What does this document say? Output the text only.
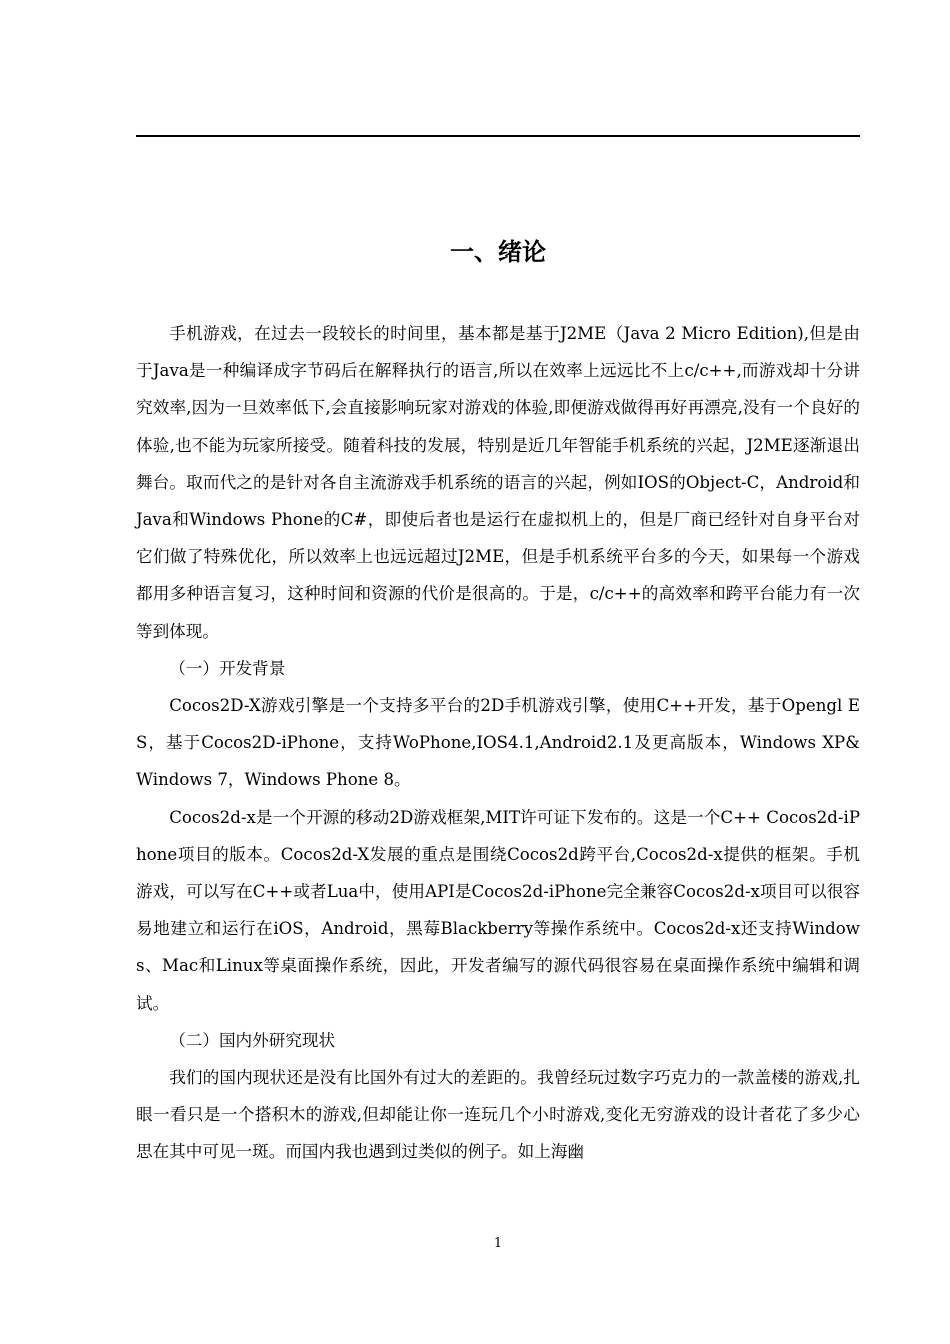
一、绪论

手机游戏，在过去一段较长的时间里，基本都是基于J2ME（Java 2 Micro Edition),但是由于Java是一种编译成字节码后在解释执行的语言,所以在效率上远远比不上c/c++,而游戏却十分讲究效率,因为一旦效率低下,会直接影响玩家对游戏的体验,即便游戏做得再好再漂亮,没有一个良好的体验,也不能为玩家所接受。随着科技的发展，特别是近几年智能手机系统的兴起，J2ME逐渐退出舞台。取而代之的是针对各自主流游戏手机系统的语言的兴起，例如IOS的Object-C，Android和Java和Windows Phone的C#，即使后者也是运行在虚拟机上的，但是厂商已经针对自身平台对它们做了特殊优化，所以效率上也远远超过J2ME，但是手机系统平台多的今天，如果每一个游戏都用多种语言复习，这种时间和资源的代价是很高的。于是，c/c++的高效率和跨平台能力有一次等到体现。

（一）开发背景

Cocos2D-X游戏引擎是一个支持多平台的2D手机游戏引擎，使用C++开发，基于Opengl ES，基于Cocos2D-iPhone，支持WoPhone,IOS4.1,Android2.1及更高版本，Windows XP&Windows 7，Windows Phone 8。

Cocos2d-x是一个开源的移动2D游戏框架,MIT许可证下发布的。这是一个C++ Cocos2d-iPhone项目的版本。Cocos2d-X发展的重点是围绕Cocos2d跨平台,Cocos2d-x提供的框架。手机游戏，可以写在C++或者Lua中，使用API是Cocos2d-iPhone完全兼容Cocos2d-x项目可以很容易地建立和运行在iOS，Android，黑莓Blackberry等操作系统中。Cocos2d-x还支持Windows、Mac和Linux等桌面操作系统，因此，开发者编写的源代码很容易在桌面操作系统中编辑和调试。

（二）国内外研究现状

我们的国内现状还是没有比国外有过大的差距的。我曾经玩过数字巧克力的一款盖楼的游戏,扎眼一看只是一个搭积木的游戏,但却能让你一连玩几个小时游戏,变化无穷游戏的设计者花了多少心思在其中可见一斑。而国内我也遇到过类似的例子。如上海幽

1
